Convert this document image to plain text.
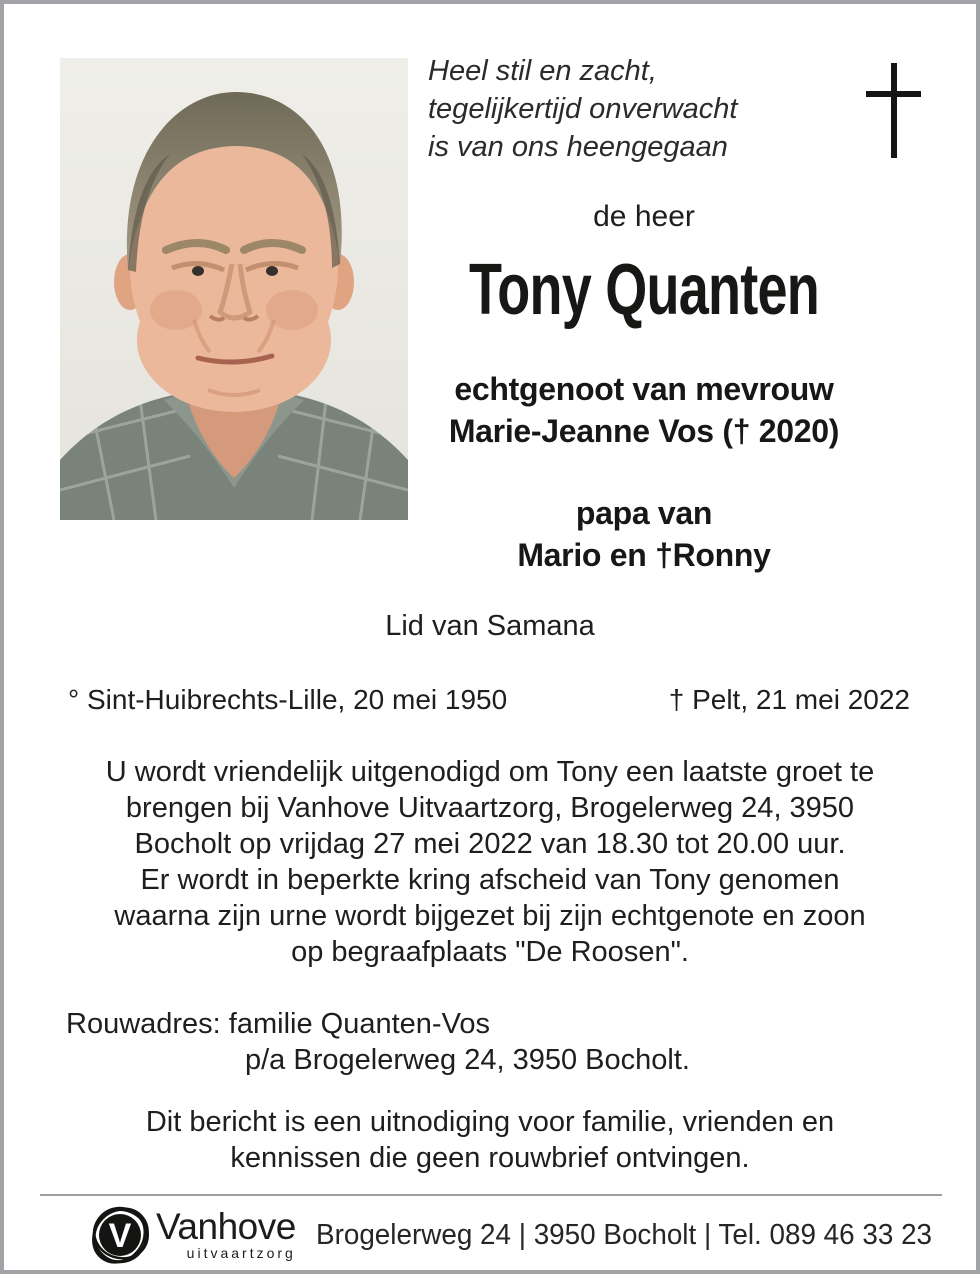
Heel stil en zacht,
tegelijkertijd onverwacht
is van ons heengegaan
de heer
Tony Quanten
echtgenoot van mevrouw
Marie-Jeanne Vos († 2020)
papa van
Mario en †Ronny
Lid van Samana
° Sint-Huibrechts-Lille, 20 mei 1950	† Pelt, 21 mei 2022
U wordt vriendelijk uitgenodigd om Tony een laatste groet te
brengen bij Vanhove Uitvaartzorg, Brogelerweg 24, 3950
Bocholt op vrijdag 27 mei 2022 van 18.30 tot 20.00 uur.
Er wordt in beperkte kring afscheid van Tony genomen
waarna zijn urne wordt bijgezet bij zijn echtgenote en zoon
op begraafplaats "De Roosen".
Rouwadres: familie Quanten-Vos
p/a Brogelerweg 24, 3950 Bocholt.
Dit bericht is een uitnodiging voor familie, vrienden en
kennissen die geen rouwbrief ontvingen.
V Vanhove
uitvaartzorg
Brogelerweg 24 | 3950 Bocholt | Tel. 089 46 33 23
